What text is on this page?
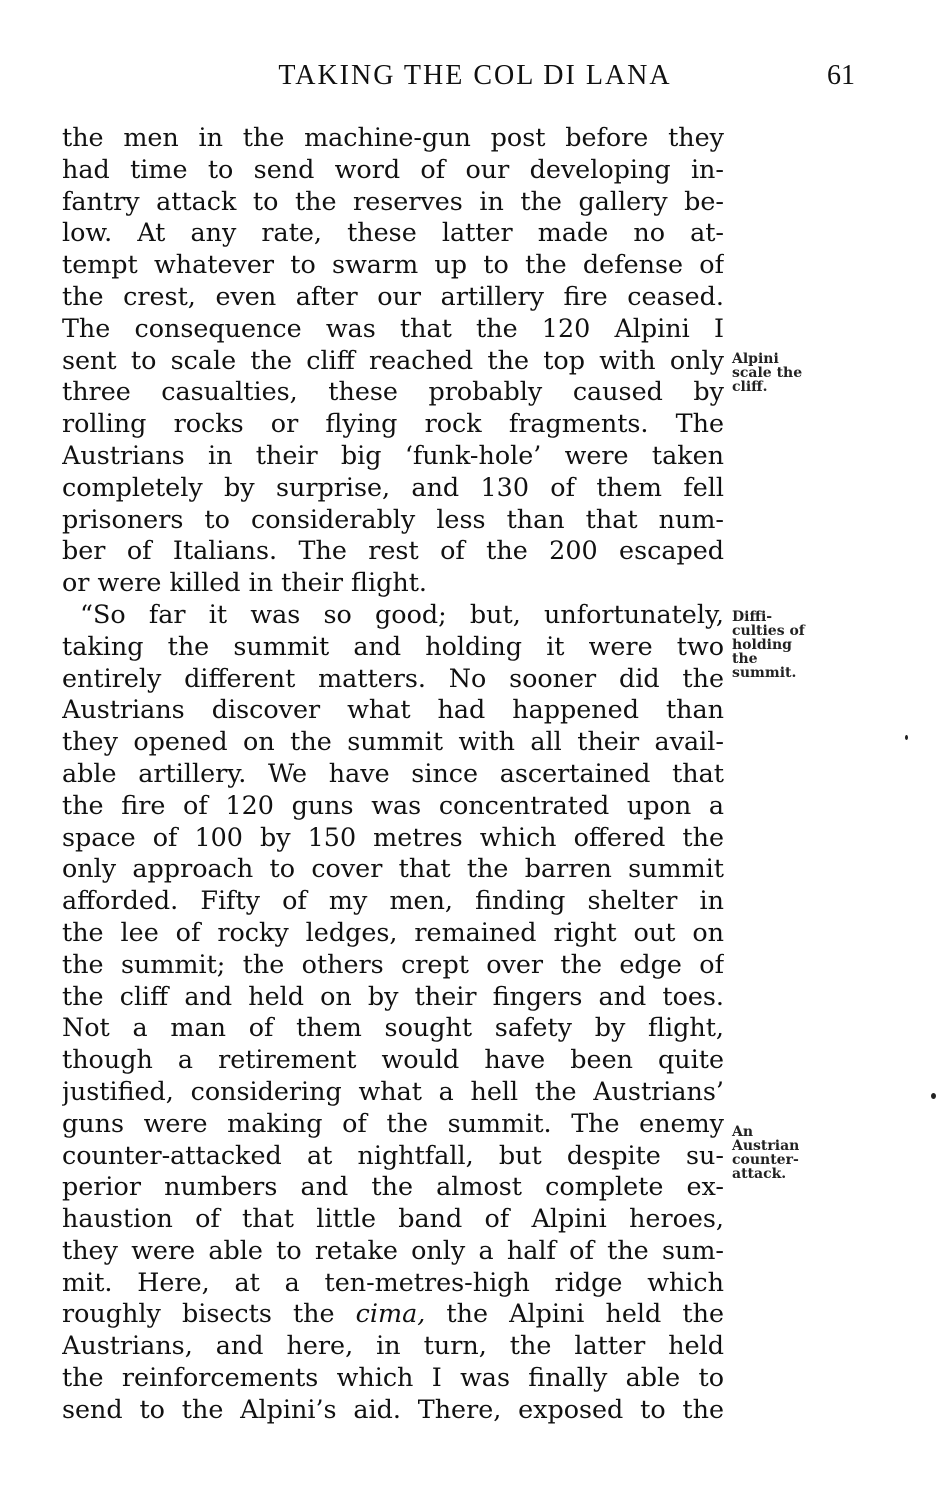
TAKING THE COL DI LANA	61
the men in the machine-gun post before they
had time to send word of our developing in-
fantry attack to the reserves in the gallery be-
low. At any rate, these latter made no at-
tempt whatever to swarm up to the defense of
the crest, even after our artillery fire ceased.
The consequence was that the 120 Alpini I
sent to scale the cliff reached the top with only
three casualties, these probably caused by
rolling rocks or flying rock fragments. The
Austrians in their big ‘funk-hole’ were taken
completely by surprise, and 130 of them fell
prisoners to considerably less than that num-
ber of Italians. The rest of the 200 escaped
or were killed in their flight.
“So far it was so good; but, unfortunately,
taking the summit and holding it were two
entirely different matters. No sooner did the
Austrians discover what had happened than
they opened on the summit with all their avail-
able artillery. We have since ascertained that
the fire of 120 guns was concentrated upon a
space of 100 by 150 metres which offered the
only approach to cover that the barren summit
afforded. Fifty of my men, finding shelter in
the lee of rocky ledges, remained right out on
the summit; the others crept over the edge of
the cliff and held on by their fingers and toes.
Not a man of them sought safety by flight,
though a retirement would have been quite
justified, considering what a hell the Austrians’
guns were making of the summit. The enemy
counter-attacked at nightfall, but despite su-
perior numbers and the almost complete ex-
haustion of that little band of Alpini heroes,
they were able to retake only a half of the sum-
mit. Here, at a ten-metres-high ridge which
roughly bisects the cima, the Alpini held the
Austrians, and here, in turn, the latter held
the reinforcements which I was finally able to
send to the Alpini’s aid. There, exposed to the
Alpini
scale the
cliff.
Diffi-
culties of
holding
the
summit.
An
Austrian
counter-
attack.
